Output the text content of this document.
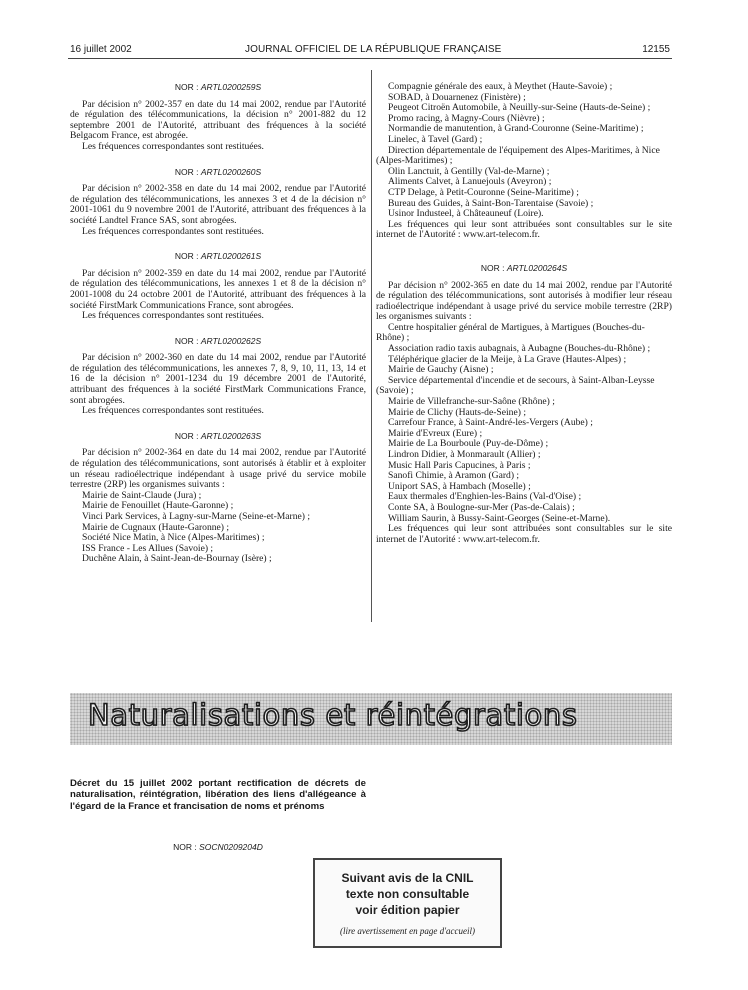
16 juillet 2002	JOURNAL OFFICIEL DE LA RÉPUBLIQUE FRANÇAISE	12155
NOR : ARTL0200259S

Par décision n° 2002-357 en date du 14 mai 2002, rendue par l'Autorité de régulation des télécommunications, la décision n° 2001-882 du 12 septembre 2001 de l'Autorité, attribuant des fréquences à la société Belgacom France, est abrogée.

Les fréquences correspondantes sont restituées.

NOR : ARTL0200260S

Par décision n° 2002-358 en date du 14 mai 2002, rendue par l'Autorité de régulation des télécommunications, les annexes 3 et 4 de la décision n° 2001-1061 du 9 novembre 2001 de l'Autorité, attribuant des fréquences à la société Landtel France SAS, sont abrogées.

Les fréquences correspondantes sont restituées.

NOR : ARTL0200261S

Par décision n° 2002-359 en date du 14 mai 2002, rendue par l'Autorité de régulation des télécommunications, les annexes 1 et 8 de la décision n° 2001-1008 du 24 octobre 2001 de l'Autorité, attribuant des fréquences à la société FirstMark Communications France, sont abrogées.

Les fréquences correspondantes sont restituées.

NOR : ARTL0200262S

Par décision n° 2002-360 en date du 14 mai 2002, rendue par l'Autorité de régulation des télécommunications, les annexes 7, 8, 9, 10, 11, 13, 14 et 16 de la décision n° 2001-1234 du 19 décembre 2001 de l'Autorité, attribuant des fréquences à la société FirstMark Communications France, sont abrogées.

Les fréquences correspondantes sont restituées.

NOR : ARTL0200263S

Par décision n° 2002-364 en date du 14 mai 2002, rendue par l'Autorité de régulation des télécommunications, sont autorisés à établir et à exploiter un réseau radioélectrique indépendant à usage privé du service mobile terrestre (2RP) les organismes suivants :

Mairie de Saint-Claude (Jura) ;
Mairie de Fenouillet (Haute-Garonne) ;
Vinci Park Services, à Lagny-sur-Marne (Seine-et-Marne) ;
Mairie de Cugnaux (Haute-Garonne) ;
Société Nice Matin, à Nice (Alpes-Maritimes) ;
ISS France - Les Allues (Savoie) ;
Duchêne Alain, à Saint-Jean-de-Bournay (Isère) ;
Compagnie générale des eaux, à Meythet (Haute-Savoie) ;
SOBAD, à Douarnenez (Finistère) ;
Peugeot Citroën Automobile, à Neuilly-sur-Seine (Hauts-de-Seine) ;
Promo racing, à Magny-Cours (Nièvre) ;
Normandie de manutention, à Grand-Couronne (Seine-Maritime) ;
Linelec, à Tavel (Gard) ;
Direction départementale de l'équipement des Alpes-Maritimes, à Nice (Alpes-Maritimes) ;
Olin Lanctuit, à Gentilly (Val-de-Marne) ;
Aliments Calvet, à Lanuejouls (Aveyron) ;
CTP Delage, à Petit-Couronne (Seine-Maritime) ;
Bureau des Guides, à Saint-Bon-Tarentaise (Savoie) ;
Usinor Industeel, à Châteauneuf (Loire).

Les fréquences qui leur sont attribuées sont consultables sur le site internet de l'Autorité : www.art-telecom.fr.

NOR : ARTL0200264S

Par décision n° 2002-365 en date du 14 mai 2002, rendue par l'Autorité de régulation des télécommunications, sont autorisés à modifier leur réseau radioélectrique indépendant à usage privé du service mobile terrestre (2RP) les organismes suivants :

Centre hospitalier général de Martigues, à Martigues (Bouches-du-Rhône) ;
Association radio taxis aubagnais, à Aubagne (Bouches-du-Rhône) ;
Téléphérique glacier de la Meije, à La Grave (Hautes-Alpes) ;
Mairie de Gauchy (Aisne) ;
Service départemental d'incendie et de secours, à Saint-Alban-Leysse (Savoie) ;
Mairie de Villefranche-sur-Saône (Rhône) ;
Mairie de Clichy (Hauts-de-Seine) ;
Carrefour France, à Saint-André-les-Vergers (Aube) ;
Mairie d'Evreux (Eure) ;
Mairie de La Bourboule (Puy-de-Dôme) ;
Lindron Didier, à Monmarault (Allier) ;
Music Hall Paris Capucines, à Paris ;
Sanofi Chimie, à Aramon (Gard) ;
Uniport SAS, à Hambach (Moselle) ;
Eaux thermales d'Enghien-les-Bains (Val-d'Oise) ;
Conte SA, à Boulogne-sur-Mer (Pas-de-Calais) ;
William Saurin, à Bussy-Saint-Georges (Seine-et-Marne).

Les fréquences qui leur sont attribuées sont consultables sur le site internet de l'Autorité : www.art-telecom.fr.

Naturalisations et réintégrations
Décret du 15 juillet 2002 portant rectification de décrets de naturalisation, réintégration, libération des liens d'allégeance à l'égard de la France et francisation de noms et prénoms
NOR : SOCN0209204D
Suivant avis de la CNIL
texte non consultable
voir édition papier
(lire avertissement en page d'accueil)
